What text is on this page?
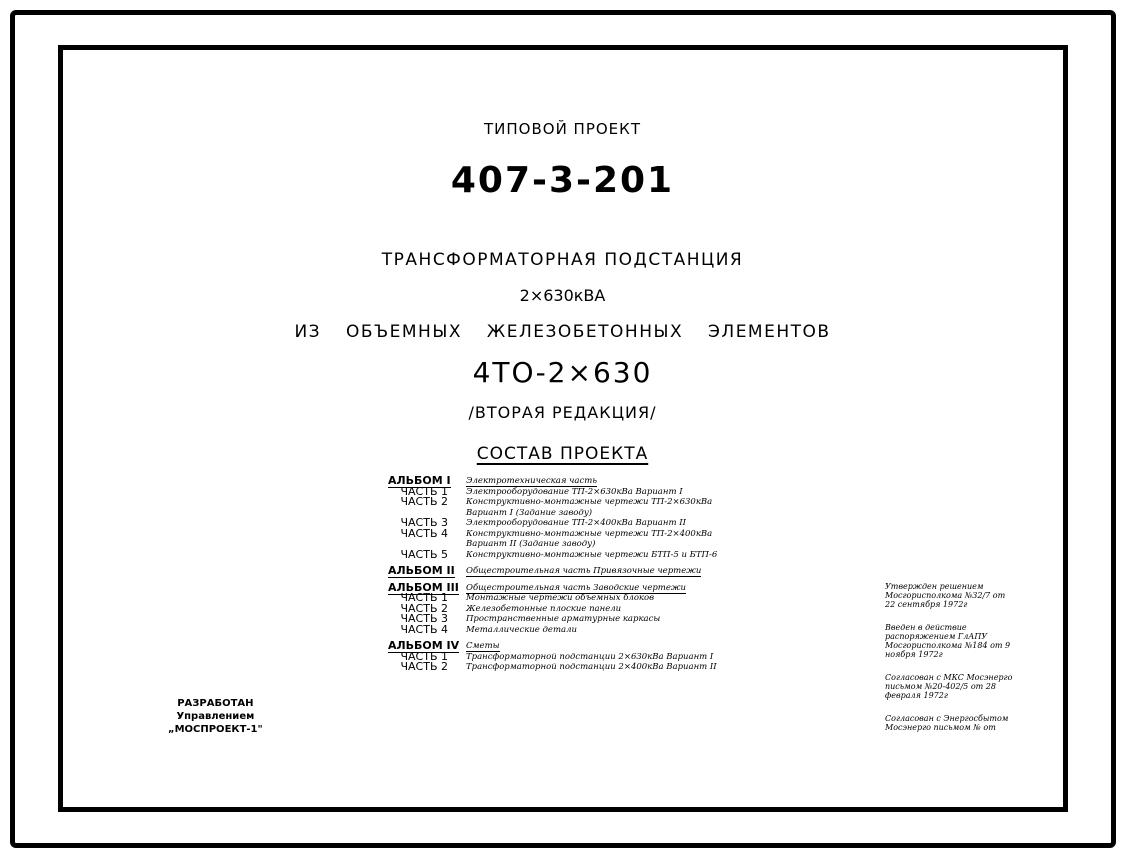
ТИПОВОЙ ПРОЕКТ
407-3-201
ТРАНСФОРМАТОРНАЯ ПОДСТАНЦИЯ
2×630кВА
ИЗ ОБЪЕМНЫХ ЖЕЛЕЗОБЕТОННЫХ ЭЛЕМЕНТОВ
4ТО-2×630
/ВТОРАЯ РЕДАКЦИЯ/
СОСТАВ ПРОЕКТА
АЛЬБОМ I	Электротехническая часть
ЧАСТЬ 1	Электрооборудование ТП-2×630кВа Вариант I
ЧАСТЬ 2	Конструктивно-монтажные чертежи ТП-2×630кВа
Вариант I (Задание заводу)
ЧАСТЬ 3	Электрооборудование ТП-2×400кВа Вариант II
ЧАСТЬ 4	Конструктивно-монтажные чертежи ТП-2×400кВа
Вариант II (Задание заводу)
ЧАСТЬ 5	Конструктивно-монтажные чертежи БТП-5 и БТП-6
АЛЬБОМ II	Общестроительная часть Привязочные чертежи
АЛЬБОМ III Общестроительная часть Заводские чертежи
ЧАСТЬ 1	Монтажные чертежи объемных блоков
ЧАСТЬ 2	Железобетонные плоские панели
ЧАСТЬ 3	Пространственные арматурные каркасы
ЧАСТЬ 4	Металлические детали
АЛЬБОМ IV Сметы
ЧАСТЬ 1	Трансформаторной подстанции 2×630кВа Вариант I
ЧАСТЬ 2	Трансформаторной подстанции 2×400кВа Вариант II
РАЗРАБОТАН
Управлением
„МОСПРОЕКТ-1"
Утвержден решением Мосгорисполкома №32/7 от 22 сентября 1972г
Введен в действие распоряжением ГлАПУ Мосгорисполкома №184 от 9 ноября 1972г
Согласован с МКС Мосэнерго письмом №20-402/5 от 28 февраля 1972г
Согласован с Энергосбытом Мосэнерго письмом № от
